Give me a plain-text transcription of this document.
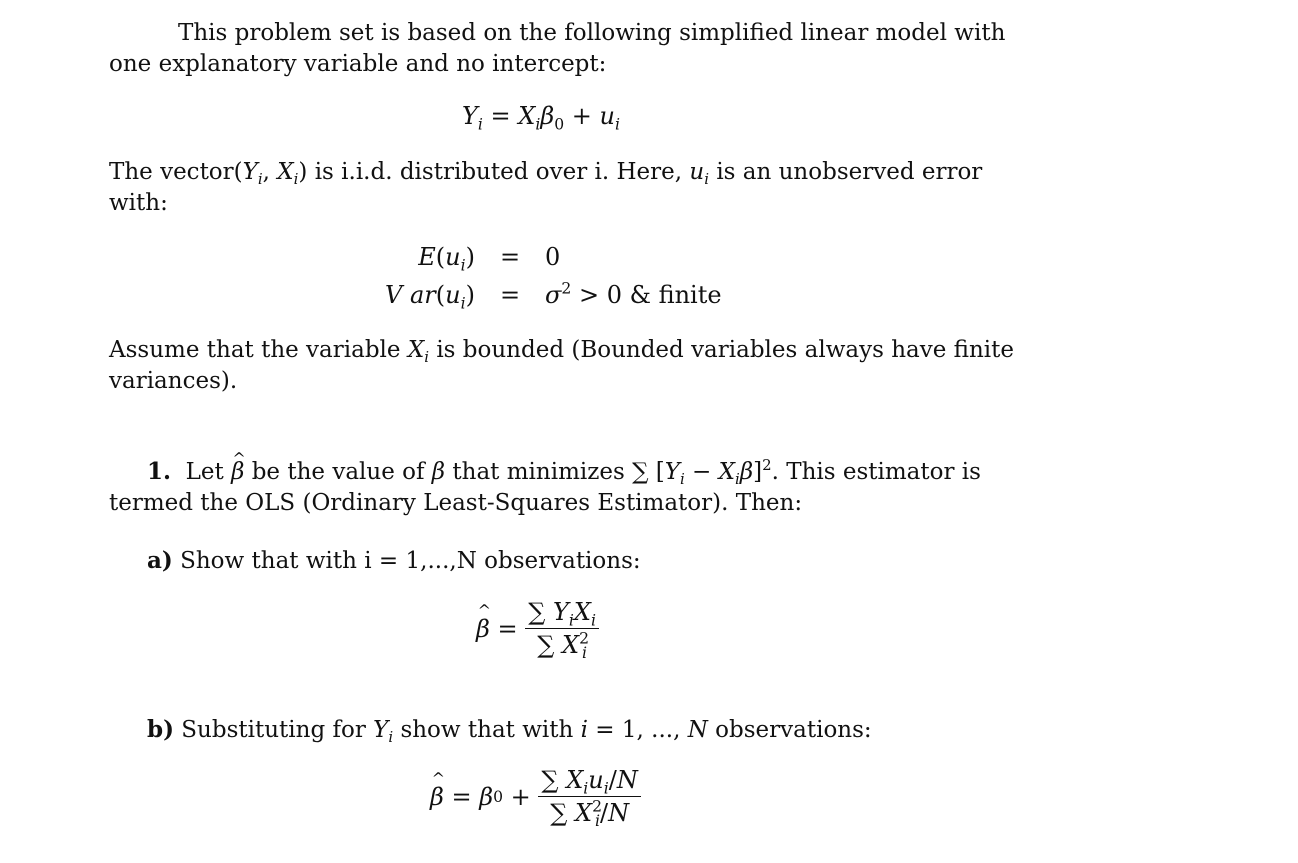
This problem set is based on the following simplified linear model with
one explanatory variable and no intercept:
$Y_i = X_i\beta_0 + u_i$
The $vector(Y_i$, $X_i$) is i.i.d. distributed over i. Here, $u_i$ is an unobserved error
with:
$E(u_i)$	=	0
V $ar(u_i)$	=	$\sigma^2 > 0$ & finite
Assume that the variable $X_i$ is bounded (Bounded variables always have finite
variances).
1. Let ^ β be the value of β that minimizes ∑ $[Y_i - X_i\beta]^2$. This estimator is
termed the OLS (Ordinary Least-Squares Estimator). Then:
a) Show that with i = 1,...,N observations:
^ $\beta = \frac{\sum Y_iX_i}{\sum X^2_i}$
b) Substituting for $Y_i$ show that with i = 1, ..., N observations:
^ β = β $0 + \frac{\sum X_iu_i/N}{\sum X^2_i/N}$
